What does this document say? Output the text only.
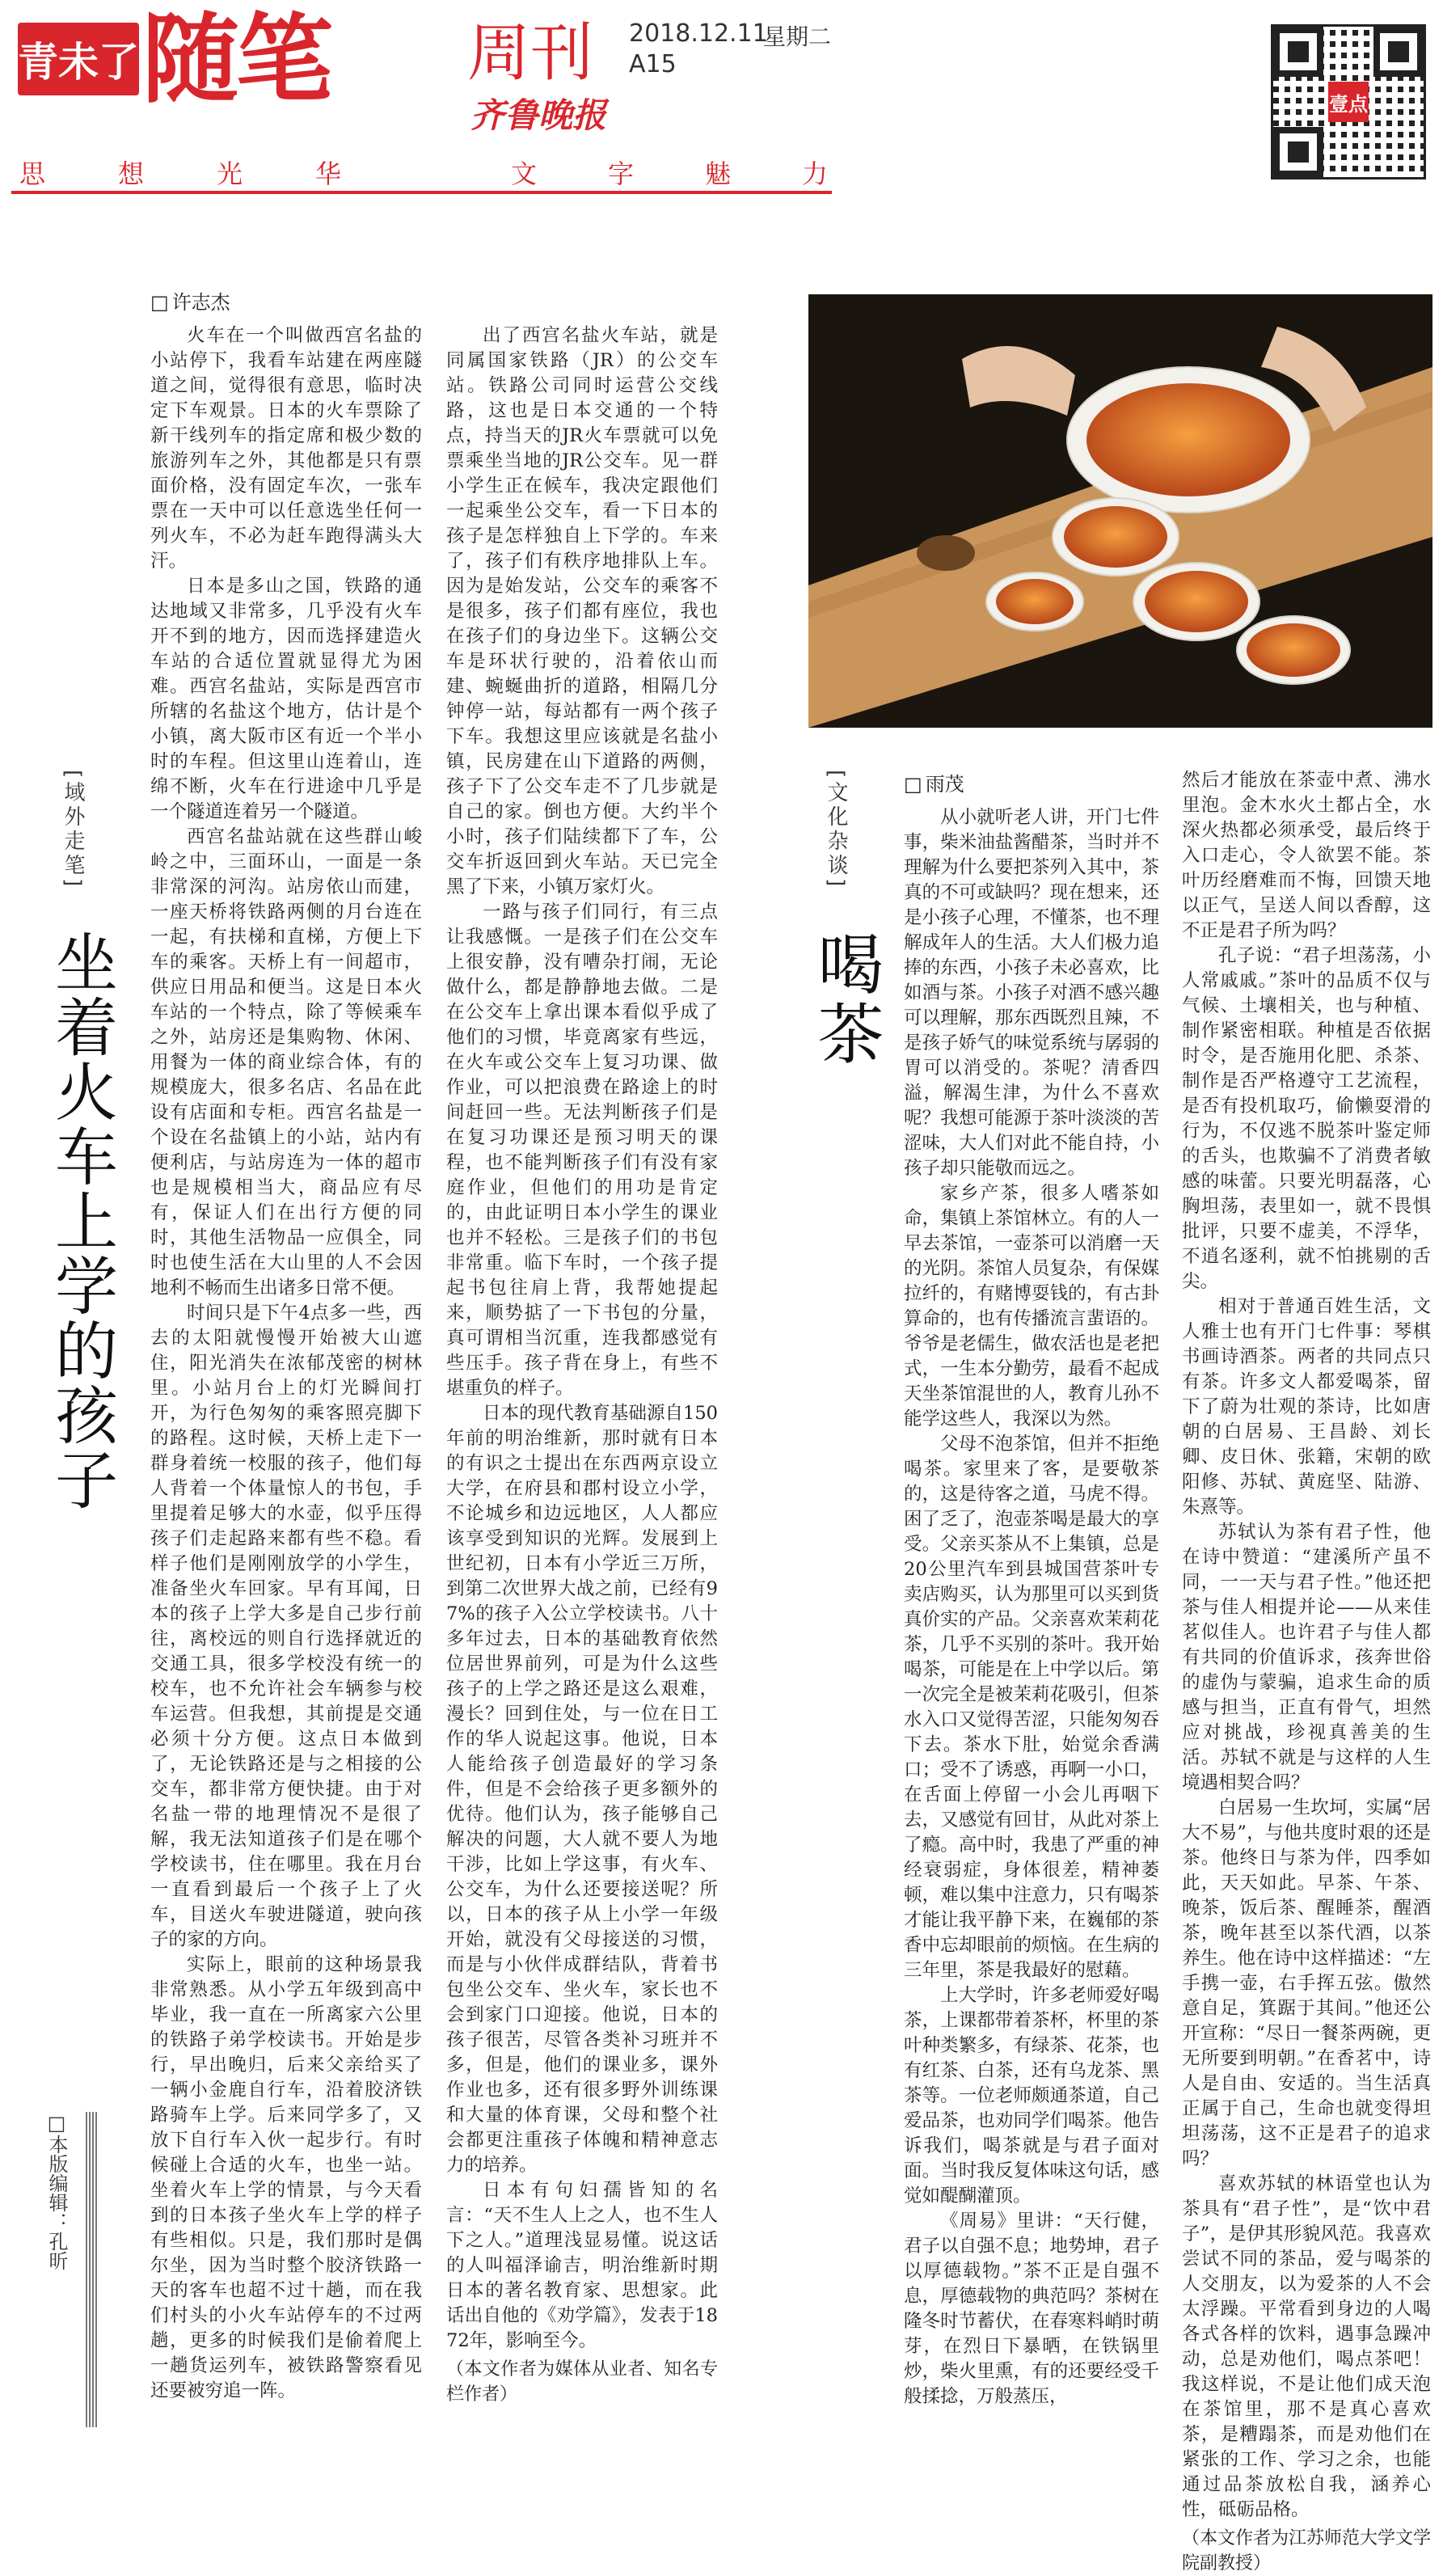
青未了 随笔 周刊
齐鲁晚报
2018.12.11
星期二
A15
壹点
思	想	光	华	文	字	魅	力
[域外走笔]
坐着火车上学的孩子
□ 许志杰

火车在一个叫做西宫名盐的小站停下，我看车站建在两座隧道之间，觉得很有意思，临时决定下车观景。日本的火车票除了新干线列车的指定席和极少数的旅游列车之外，其他都是只有票面价格，没有固定车次，一张车票在一天中可以任意选坐任何一列火车，不必为赶车跑得满头大汗。

日本是多山之国，铁路的通达地域又非常多，几乎没有火车开不到的地方，因而选择建造火车站的合适位置就显得尤为困难。西宫名盐站，实际是西宫市所辖的名盐这个地方，估计是个小镇，离大阪市区有近一个半小时的车程。但这里山连着山，连绵不断，火车在行进途中几乎是一个隧道连着另一个隧道。

西宫名盐站就在这些群山峻岭之中，三面环山，一面是一条非常深的河沟。站房依山而建，一座天桥将铁路两侧的月台连在一起，有扶梯和直梯，方便上下车的乘客。天桥上有一间超市，供应日用品和便当。这是日本火车站的一个特点，除了等候乘车之外，站房还是集购物、休闲、用餐为一体的商业综合体，有的规模庞大，很多名店、名品在此设有店面和专柜。西宫名盐是一个设在名盐镇上的小站，站内有便利店，与站房连为一体的超市也是规模相当大，商品应有尽有，保证人们在出行方便的同时，其他生活物品一应俱全，同时也使生活在大山里的人不会因地利不畅而生出诸多日常不便。

时间只是下午4点多一些，西去的太阳就慢慢开始被大山遮住，阳光消失在浓郁茂密的树林里。小站月台上的灯光瞬间打开，为行色匆匆的乘客照亮脚下的路程。这时候，天桥上走下一群身着统一校服的孩子，他们每人背着一个体量惊人的书包，手里提着足够大的水壶，似乎压得孩子们走起路来都有些不稳。看样子他们是刚刚放学的小学生，准备坐火车回家。早有耳闻，日本的孩子上学大多是自己步行前往，离校远的则自行选择就近的交通工具，很多学校没有统一的校车，也不允许社会车辆参与校车运营。但我想，其前提是交通必须十分方便。这点日本做到了，无论铁路还是与之相接的公交车，都非常方便快捷。由于对名盐一带的地理情况不是很了解，我无法知道孩子们是在哪个学校读书，住在哪里。我在月台一直看到最后一个孩子上了火车，目送火车驶进隧道，驶向孩子的家的方向。

实际上，眼前的这种场景我非常熟悉。从小学五年级到高中毕业，我一直在一所离家六公里的铁路子弟学校读书。开始是步行，早出晚归，后来父亲给买了一辆小金鹿自行车，沿着胶济铁路骑车上学。后来同学多了，又放下自行车入伙一起步行。有时候碰上合适的火车，也坐一站。坐着火车上学的情景，与今天看到的日本孩子坐火车上学的样子有些相似。只是，我们那时是偶尔坐，因为当时整个胶济铁路一天的客车也超不过十趟，而在我们村头的小火车站停车的不过两趟，更多的时候我们是偷着爬上一趟货运列车，被铁路警察看见还要被穷追一阵。

出了西宫名盐火车站，就是同属国家铁路（JR）的公交车站。铁路公司同时运营公交线路，这也是日本交通的一个特点，持当天的JR火车票就可以免票乘坐当地的JR公交车。见一群小学生正在候车，我决定跟他们一起乘坐公交车，看一下日本的孩子是怎样独自上下学的。车来了，孩子们有秩序地排队上车。因为是始发站，公交车的乘客不是很多，孩子们都有座位，我也在孩子们的身边坐下。这辆公交车是环状行驶的，沿着依山而建、蜿蜒曲折的道路，相隔几分钟停一站，每站都有一两个孩子下车。我想这里应该就是名盐小镇，民房建在山下道路的两侧，孩子下了公交车走不了几步就是自己的家。倒也方便。大约半个小时，孩子们陆续都下了车，公交车折返回到火车站。天已完全黑了下来，小镇万家灯火。

一路与孩子们同行，有三点让我感慨。一是孩子们在公交车上很安静，没有嘈杂打闹，无论做什么，都是静静地去做。二是在公交车上拿出课本看似乎成了他们的习惯，毕竟离家有些远，在火车或公交车上复习功课、做作业，可以把浪费在路途上的时间赶回一些。无法判断孩子们是在复习功课还是预习明天的课程，也不能判断孩子们有没有家庭作业，但他们的用功是肯定的，由此证明日本小学生的课业也并不轻松。三是孩子们的书包非常重。临下车时，一个孩子提起书包往肩上背，我帮她提起来，顺势掂了一下书包的分量，真可谓相当沉重，连我都感觉有些压手。孩子背在身上，有些不堪重负的样子。

日本的现代教育基础源自150年前的明治维新，那时就有日本的有识之士提出在东西两京设立大学，在府县和郡村设立小学，不论城乡和边远地区，人人都应该享受到知识的光辉。发展到上世纪初，日本有小学近三万所，到第二次世界大战之前，已经有97%的孩子入公立学校读书。八十多年过去，日本的基础教育依然位居世界前列，可是为什么这些孩子的上学之路还是这么艰难，漫长？回到住处，与一位在日工作的华人说起这事。他说，日本人能给孩子创造最好的学习条件，但是不会给孩子更多额外的优待。他们认为，孩子能够自己解决的问题，大人就不要人为地干涉，比如上学这事，有火车、公交车，为什么还要接送呢？所以，日本的孩子从上小学一年级开始，就没有父母接送的习惯，而是与小伙伴成群结队，背着书包坐公交车、坐火车，家长也不会到家门口迎接。他说，日本的孩子很苦，尽管各类补习班并不多，但是，他们的课业多，课外作业也多，还有很多野外训练课和大量的体育课，父母和整个社会都更注重孩子体魄和精神意志力的培养。

日本有句妇孺皆知的名言：“天不生人上之人，也不生人下之人。”道理浅显易懂。说这话的人叫福泽谕吉，明治维新时期日本的著名教育家、思想家。此话出自他的《劝学篇》，发表于1872年，影响至今。

（本文作者为媒体从业者、知名专栏作者）

[文化杂谈]
喝茶
□ 雨茂

从小就听老人讲，开门七件事，柴米油盐酱醋茶，当时并不理解为什么要把茶列入其中，茶真的不可或缺吗？现在想来，还是小孩子心理，不懂茶，也不理解成年人的生活。大人们极力追捧的东西，小孩子未必喜欢，比如酒与茶。小孩子对酒不感兴趣可以理解，那东西既烈且辣，不是孩子娇气的味觉系统与孱弱的胃可以消受的。茶呢？清香四溢，解渴生津，为什么不喜欢呢？我想可能源于茶叶淡淡的苦涩味，大人们对此不能自持，小孩子却只能敬而远之。

家乡产茶，很多人嗜茶如命，集镇上茶馆林立。有的人一早去茶馆，一壶茶可以消磨一天的光阴。茶馆人员复杂，有保媒拉纤的，有赌博耍钱的，有古卦算命的，也有传播流言蜚语的。爷爷是老儒生，做农活也是老把式，一生本分勤劳，最看不起成天坐茶馆混世的人，教育儿孙不能学这些人，我深以为然。

父母不泡茶馆，但并不拒绝喝茶。家里来了客，是要敬茶的，这是待客之道，马虎不得。困了乏了，泡壶茶喝是最大的享受。父亲买茶从不上集镇，总是20公里汽车到县城国营茶叶专卖店购买，认为那里可以买到货真价实的产品。父亲喜欢茉莉花茶，几乎不买别的茶叶。我开始喝茶，可能是在上中学以后。第一次完全是被茉莉花吸引，但茶水入口又觉得苦涩，只能匆匆吞下去。茶水下肚，始觉余香满口；受不了诱惑，再啊一小口，在舌面上停留一小会儿再咽下去，又感觉有回甘，从此对茶上了瘾。高中时，我患了严重的神经衰弱症，身体很差，精神萎顿，难以集中注意力，只有喝茶才能让我平静下来，在巍郁的茶香中忘却眼前的烦恼。在生病的三年里，茶是我最好的慰藉。

上大学时，许多老师爱好喝茶，上课都带着茶杯，杯里的茶叶种类繁多，有绿茶、花茶，也有红茶、白茶，还有乌龙茶、黑茶等。一位老师颇通茶道，自己爱品茶，也劝同学们喝茶。他告诉我们，喝茶就是与君子面对面。当时我反复体味这句话，感觉如醍醐灌顶。

《周易》里讲：“天行健，君子以自强不息；地势坤，君子以厚德载物。”茶不正是自强不息，厚德载物的典范吗？茶树在隆冬时节蓄伏，在春寒料峭时萌芽，在烈日下暴晒，在铁锅里炒，柴火里熏，有的还要经受千般揉捻，万般蒸压，

然后才能放在茶壶中煮、沸水里泡。金木水火土都占全，水深火热都必须承受，最后终于入口走心，令人欲罢不能。茶叶历经磨难而不悔，回馈天地以正气，呈送人间以香醇，这不正是君子所为吗？

孔子说：“君子坦荡荡，小人常戚戚。”茶叶的品质不仅与气候、土壤相关，也与种植、制作紧密相联。种植是否依据时令，是否施用化肥、杀茶、制作是否严格遵守工艺流程，是否有投机取巧，偷懒耍滑的行为，不仅逃不脱茶叶鉴定师的舌头，也欺骗不了消费者敏感的味蕾。只要光明磊落，心胸坦荡，表里如一，就不畏惧批评，只要不虚美，不浮华，不逍名逐利，就不怕挑剔的舌尖。

相对于普通百姓生活，文人雅士也有开门七件事：琴棋书画诗酒茶。两者的共同点只有茶。许多文人都爱喝茶，留下了蔚为壮观的茶诗，比如唐朝的白居易、王昌龄、刘长卿、皮日休、张籍，宋朝的欧阳修、苏轼、黄庭坚、陆游、朱熹等。

苏轼认为茶有君子性，他在诗中赞道：“建溪所产虽不同，一一天与君子性。”他还把茶与佳人相提并论——从来佳茗似佳人。也许君子与佳人都有共同的价值诉求，孩奔世俗的虚伪与蒙骗，追求生命的质感与担当，正直有骨气，坦然应对挑战，珍视真善美的生活。苏轼不就是与这样的人生境遇相契合吗？

白居易一生坎坷，实属“居大不易”，与他共度时艰的还是茶。他终日与茶为伴，四季如此，天天如此。早茶、午茶、晚茶，饭后茶、醒睡茶，醒酒茶，晚年甚至以茶代酒，以茶养生。他在诗中这样描述：“左手携一壶，右手挥五弦。傲然意自足，箕踞于其间。”他还公开宣称：“尽日一餐茶两碗，更无所要到明朝。”在香茗中，诗人是自由、安适的。当生活真正属于自己，生命也就变得坦坦荡荡，这不正是君子的追求吗？

喜欢苏轼的林语堂也认为茶具有“君子性”，是“饮中君子”，是伊其形貌风范。我喜欢尝试不同的茶品，爱与喝茶的人交朋友，以为爱茶的人不会太浮躁。平常看到身边的人喝各式各样的饮料，遇事急躁冲动，总是劝他们，喝点茶吧！我这样说，不是让他们成天泡在茶馆里，那不是真心喜欢茶，是糟蹋茶，而是劝他们在紧张的工作、学习之余，也能通过品茶放松自我，涵养心性，砥砺品格。

（本文作者为江苏师范大学文学院副教授）

□本版编辑：孔昕
